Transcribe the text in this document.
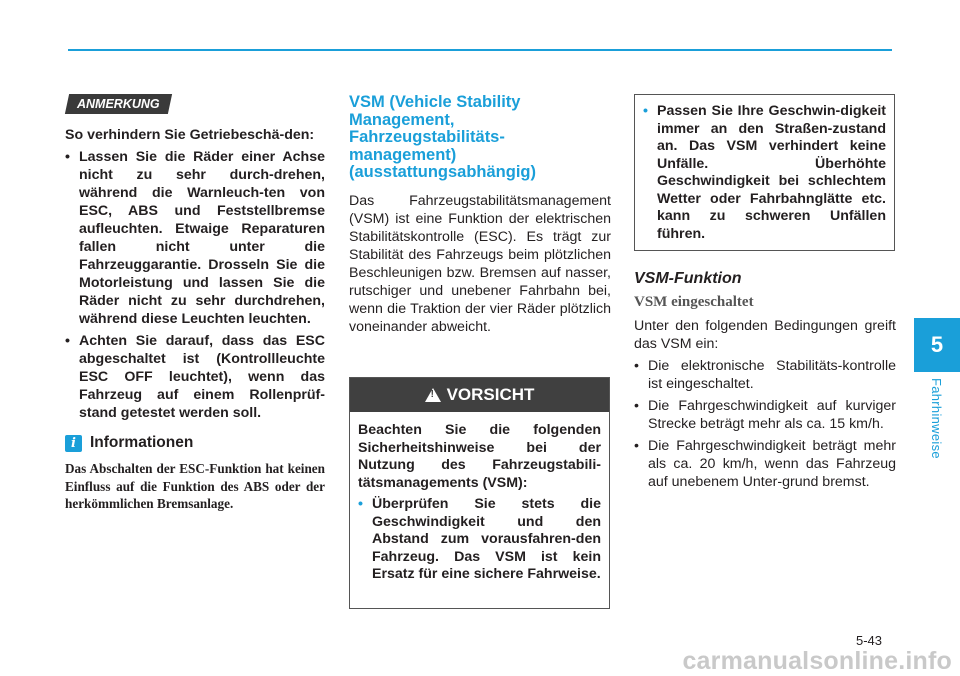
ANMERKUNG

So verhindern Sie Getriebeschä-den:

• Lassen Sie die Räder einer Achse nicht zu sehr durch-drehen, während die Warnleuch-ten von ESC, ABS und Feststellbremse aufleuchten. Etwaige Reparaturen fallen nicht unter die Fahrzeuggarantie. Drosseln Sie die Motorleistung und lassen Sie die Räder nicht zu sehr durchdrehen, während diese Leuchten leuchten.
• Achten Sie darauf, dass das ESC abgeschaltet ist (Kontrollleuchte ESC OFF leuchtet), wenn das Fahrzeug auf einem Rollenprüf-stand getestet werden soll.
i Informationen
Das Abschalten der ESC-Funktion hat keinen Einfluss auf die Funktion des ABS oder der herkömmlichen Bremsanlage.
VSM (Vehicle Stability Management, Fahrzeugstabilitäts-management) (ausstattungsabhängig)

Das Fahrzeugstabilitätsmanagement (VSM) ist eine Funktion der elektrischen Stabilitätskontrolle (ESC). Es trägt zur Stabilität des Fahrzeugs beim plötzlichen Beschleunigen bzw. Bremsen auf nasser, rutschiger und unebener Fahrbahn bei, wenn die Traktion der vier Räder plötzlich voneinander abweicht.

!
VORSICHT

Beachten Sie die folgenden Sicherheitshinweise bei der Nutzung des Fahrzeugstabili-tätsmanagements (VSM):

• Überprüfen Sie stets die Geschwindigkeit und den Abstand zum vorausfahren-den Fahrzeug. Das VSM ist kein Ersatz für eine sichere Fahrweise.
• Passen Sie Ihre Geschwin-digkeit immer an den Straßen-zustand an. Das VSM verhindert keine Unfälle. Überhöhte Geschwindigkeit bei schlechtem Wetter oder Fahrbahnglätte etc. kann zu schweren Unfällen führen.
VSM-Funktion
VSM eingeschaltet

Unter den folgenden Bedingungen greift das VSM ein:

• Die elektronische Stabilitäts-kontrolle ist eingeschaltet.
• Die Fahrgeschwindigkeit auf kurviger Strecke beträgt mehr als ca. 15 km/h.
• Die Fahrgeschwindigkeit beträgt mehr als ca. 20 km/h, wenn das Fahrzeug auf unebenem Unter-grund bremst.
5
Fahrhinweise
5-43
carmanualsonline.info
